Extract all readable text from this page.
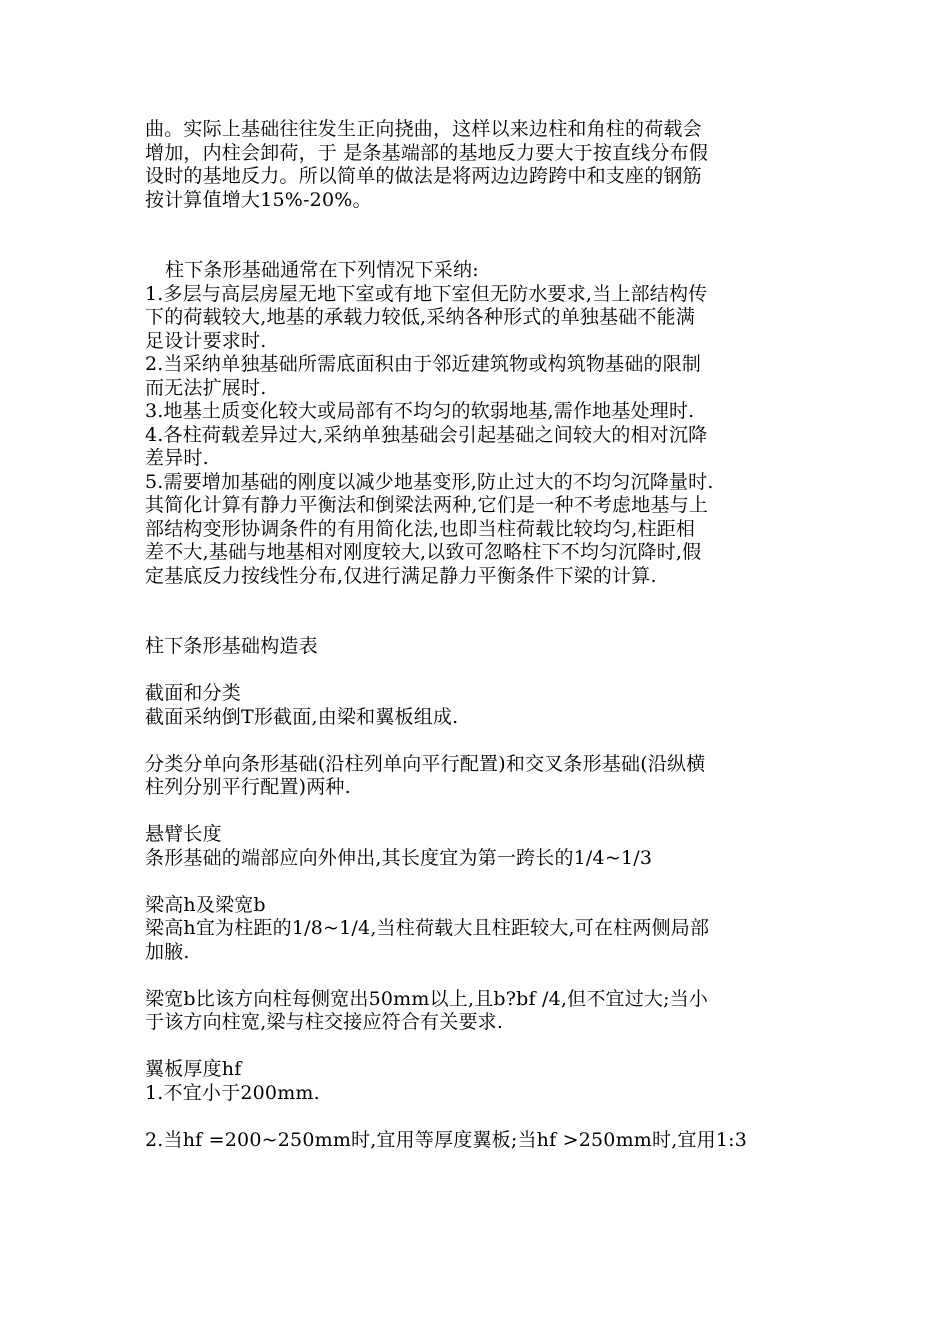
曲。实际上基础往往发生正向挠曲，这样以来边柱和角柱的荷载会
增加，内柱会卸荷，于 是条基端部的基地反力要大于按直线分布假
设时的基地反力。所以简单的做法是将两边边跨跨中和支座的钢筋
按计算值增大15%-20%。
柱下条形基础通常在下列情况下采纳:
1.多层与高层房屋无地下室或有地下室但无防水要求,当上部结构传
下的荷载较大,地基的承载力较低,采纳各种形式的单独基础不能满
足设计要求时.
2.当采纳单独基础所需底面积由于邻近建筑物或构筑物基础的限制
而无法扩展时.
3.地基土质变化较大或局部有不均匀的软弱地基,需作地基处理时.
4.各柱荷载差异过大,采纳单独基础会引起基础之间较大的相对沉降
差异时.
5.需要增加基础的刚度以减少地基变形,防止过大的不均匀沉降量时.
其简化计算有静力平衡法和倒梁法两种,它们是一种不考虑地基与上
部结构变形协调条件的有用简化法,也即当柱荷载比较均匀,柱距相
差不大,基础与地基相对刚度较大,以致可忽略柱下不均匀沉降时,假
定基底反力按线性分布,仅进行满足静力平衡条件下梁的计算.
柱下条形基础构造表
截面和分类
截面采纳倒T形截面,由梁和翼板组成.
分类分单向条形基础(沿柱列单向平行配置)和交叉条形基础(沿纵横
柱列分别平行配置)两种.
悬臂长度
条形基础的端部应向外伸出,其长度宜为第一跨长的1/4~1/3
梁高h及梁宽b
梁高h宜为柱距的1/8~1/4,当柱荷载大且柱距较大,可在柱两侧局部
加腋.
梁宽b比该方向柱每侧宽出50mm以上,且b?bf /4,但不宜过大;当小
于该方向柱宽,梁与柱交接应符合有关要求.
翼板厚度hf
1.不宜小于200mm.
2.当hf =200~250mm时,宜用等厚度翼板;当hf >250mm时,宜用1:3
